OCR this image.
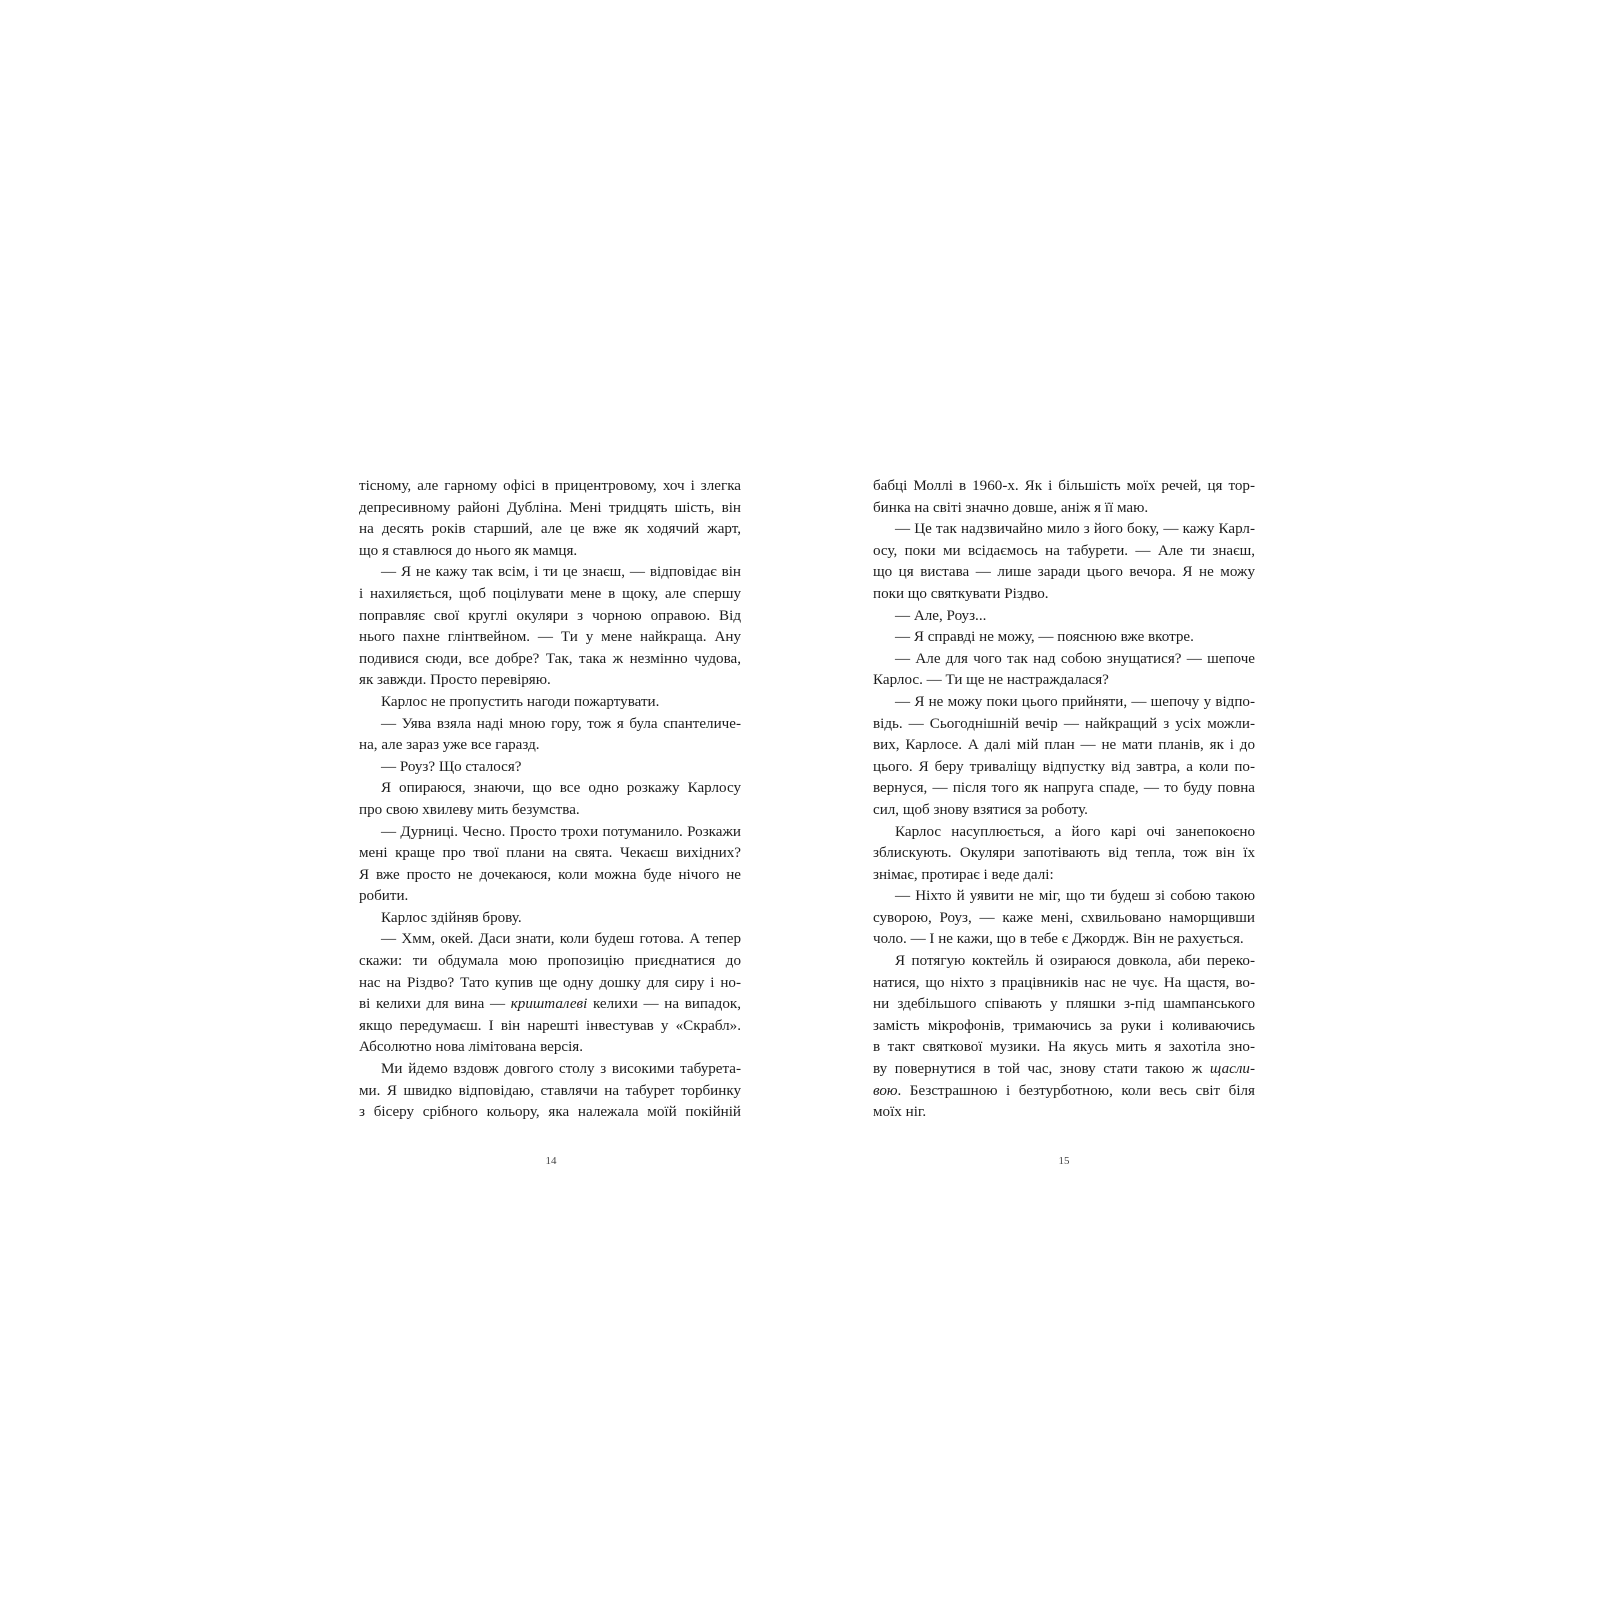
тісному, але гарному офісі в прицентровому, хоч і злегка
депресивному районі Дубліна. Мені тридцять шість, він
на десять років старший, але це вже як ходячий жарт,
що я ставлюся до нього як мамця.
— Я не кажу так всім, і ти це знаєш, — відповідає він
і нахиляється, щоб поцілувати мене в щоку, але спершу
поправляє свої круглі окуляри з чорною оправою. Від
нього пахне глінтвейном. — Ти у мене найкраща. Ану
подивися сюди, все добре? Так, така ж незмінно чудова,
як завжди. Просто перевіряю.
Карлос не пропустить нагоди пожартувати.
— Уява взяла наді мною гору, тож я була спантеличе-
на, але зараз уже все гаразд.
— Роуз? Що сталося?
Я опираюся, знаючи, що все одно розкажу Карлосу
про свою хвилеву мить безумства.
— Дурниці. Чесно. Просто трохи потуманило. Розкажи
мені краще про твої плани на свята. Чекаєш вихідних?
Я вже просто не дочекаюся, коли можна буде нічого не
робити.
Карлос здійняв брову.
— Хмм, окей. Даси знати, коли будеш готова. А тепер
скажи: ти обдумала мою пропозицію приєднатися до
нас на Різдво? Тато купив ще одну дошку для сиру і но-
ві келихи для вина — кришталеві келихи — на випадок,
якщо передумаєш. І він нарешті інвестував у «Скрабл».
Абсолютно нова лімітована версія.
Ми йдемо вздовж довгого столу з високими табурета-
ми. Я швидко відповідаю, ставлячи на табурет торбинку
з бісеру срібного кольору, яка належала моїй покійній
14
бабці Моллі в 1960-х. Як і більшість моїх речей, ця тор-
бинка на світі значно довше, аніж я її маю.
— Це так надзвичайно мило з його боку, — кажу Карл-
осу, поки ми всідаємось на табурети. — Але ти знаєш,
що ця вистава — лише заради цього вечора. Я не можу
поки що святкувати Різдво.
— Але, Роуз...
— Я справді не можу, — пояснюю вже вкотре.
— Але для чого так над собою знущатися? — шепоче
Карлос. — Ти ще не настраждалася?
— Я не можу поки цього прийняти, — шепочу у відпо-
відь. — Сьогоднішній вечір — найкращий з усіх можли-
вих, Карлосе. А далі мій план — не мати планів, як і до
цього. Я беру триваліщу відпустку від завтра, а коли по-
вернуся, — після того як напруга спаде, — то буду повна
сил, щоб знову взятися за роботу.
Карлос насуплюється, а його карі очі занепокоєно
зблискують. Окуляри запотівають від тепла, тож він їх
знімає, протирає і веде далі:
— Ніхто й уявити не міг, що ти будеш зі собою такою
суворою, Роуз, — каже мені, схвильовано наморщивши
чоло. — І не кажи, що в тебе є Джордж. Він не рахується.
Я потягую коктейль й озираюся довкола, аби переко-
натися, що ніхто з працівників нас не чує. На щастя, во-
ни здебільшого співають у пляшки з-під шампанського
замість мікрофонів, тримаючись за руки і коливаючись
в такт святкової музики. На якусь мить я захотіла зно-
ву повернутися в той час, знову стати такою ж щасли-
вою. Безстрашною і безтурботною, коли весь світ біля
моїх ніг.
15
